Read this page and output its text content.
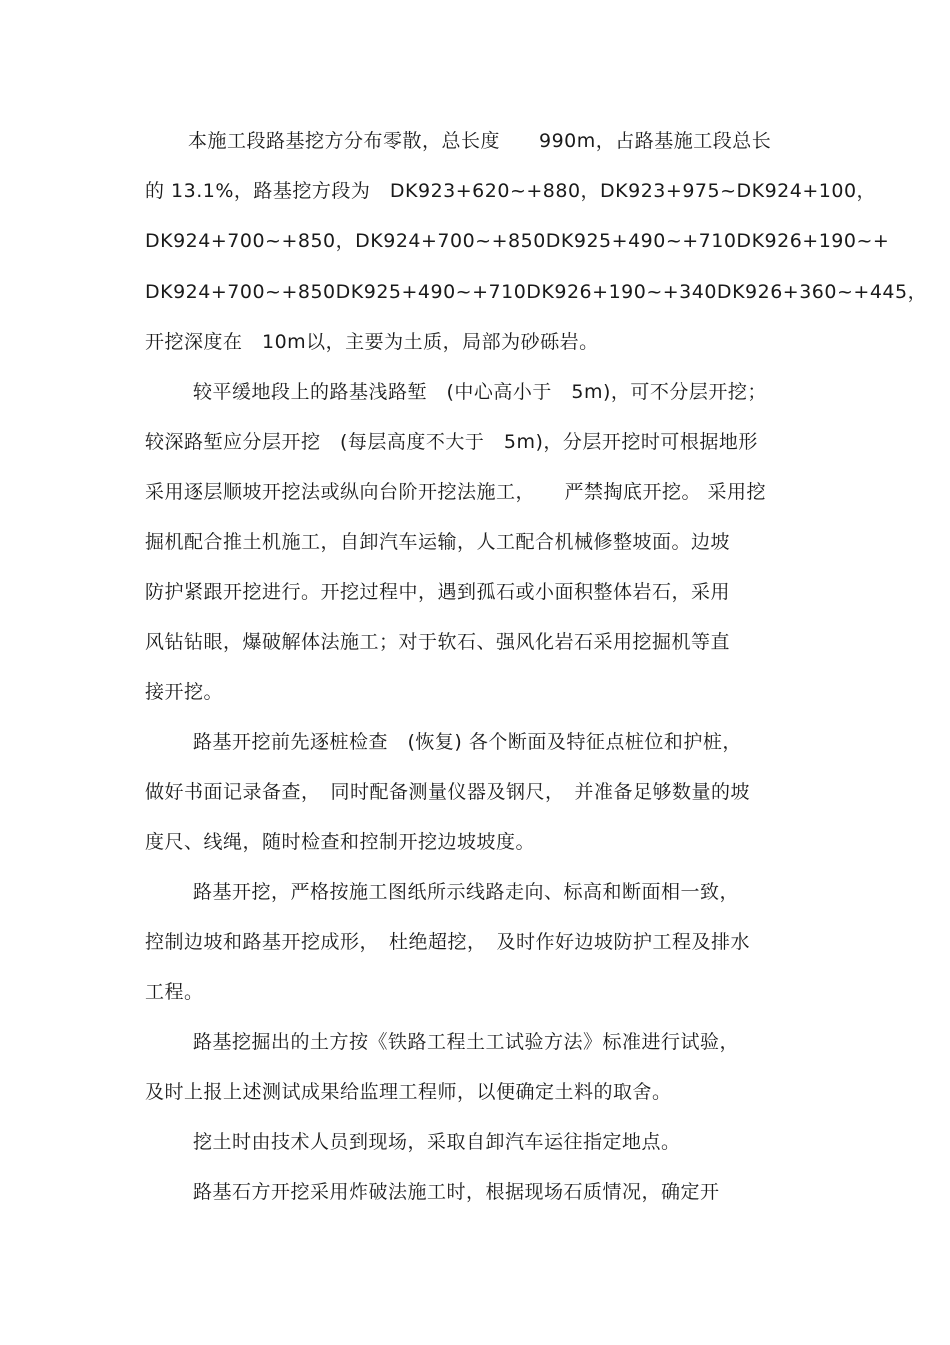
本施工段路基挖方分布零散，总长度　　990m，占路基施工段总长
的 13.1%，路基挖方段为　DK923+620~+880，DK923+975~DK924+100，
DK924+700~+850，DK924+700~+850DK925+490~+710DK926+190~+
DK924+700~+850DK925+490~+710DK926+190~+340DK926+360~+445，
开挖深度在　10m以，主要为土质，局部为砂砾岩。
较平缓地段上的路基浅路堑　(中心高小于　5m)，可不分层开挖；
较深路堑应分层开挖　(每层高度不大于　5m)，分层开挖时可根据地形
采用逐层顺坡开挖法或纵向台阶开挖法施工，　　严禁掏底开挖。 采用挖
掘机配合推土机施工，自卸汽车运输，人工配合机械修整坡面。边坡
防护紧跟开挖进行。开挖过程中，遇到孤石或小面积整体岩石，采用
风钻钻眼，爆破解体法施工；对于软石、强风化岩石采用挖掘机等直
接开挖。
路基开挖前先逐桩检查　(恢复) 各个断面及特征点桩位和护桩，
做好书面记录备查，　同时配备测量仪器及钢尺，　并准备足够数量的坡
度尺、线绳，随时检查和控制开挖边坡坡度。
路基开挖，严格按施工图纸所示线路走向、标高和断面相一致，
控制边坡和路基开挖成形，　杜绝超挖，　及时作好边坡防护工程及排水
工程。
路基挖掘出的土方按《铁路工程土工试验方法》标准进行试验，
及时上报上述测试成果给监理工程师，以便确定土料的取舍。
挖土时由技术人员到现场，采取自卸汽车运往指定地点。
路基石方开挖采用炸破法施工时，根据现场石质情况，确定开
